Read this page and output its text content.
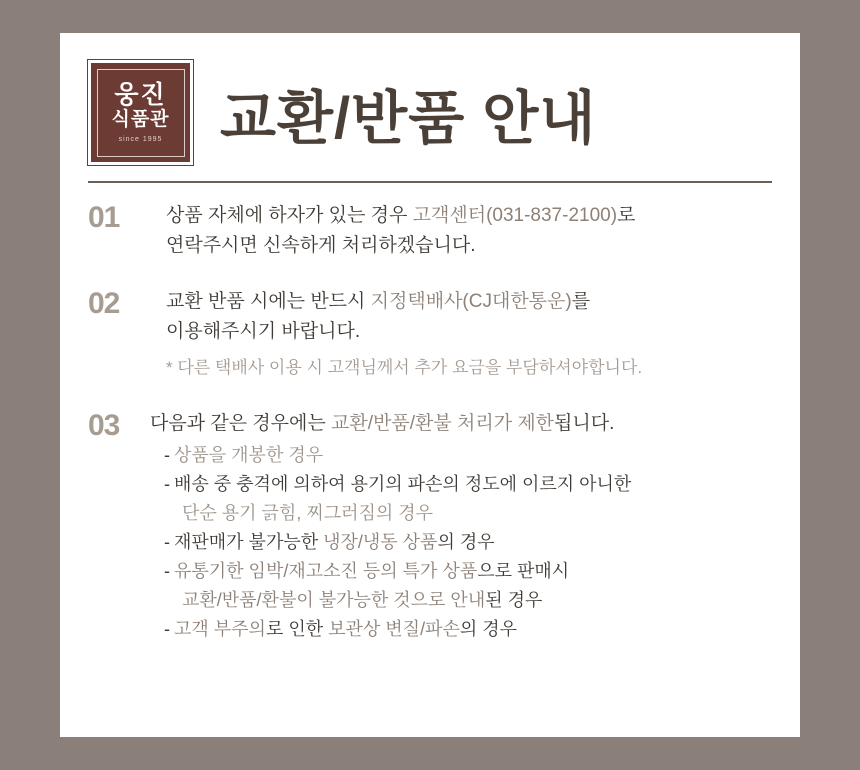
웅진
식품관
since 1995 교환/반품 안내
01	상품 자체에 하자가 있는 경우 고객센터(031-837-2100)로
연락주시면 신속하게 처리하겠습니다.
02	교환 반품 시에는 반드시 지정택배사(CJ대한통운)를
이용해주시기 바랍니다.
* 다른 택배사 이용 시 고객님께서 추가 요금을 부담하셔야합니다.
03	다음과 같은 경우에는 교환/반품/환불 처리가 제한됩니다.
- 상품을 개봉한 경우
- 배송 중 충격에 의하여 용기의 파손의 정도에 이르지 아니한
단순 용기 긁힘, 찌그러짐의 경우
- 재판매가 불가능한 냉장/냉동 상품의 경우
- 유통기한 임박/재고소진 등의 특가 상품으로 판매시
교환/반품/환불이 불가능한 것으로 안내된 경우
- 고객 부주의로 인한 보관상 변질/파손의 경우
